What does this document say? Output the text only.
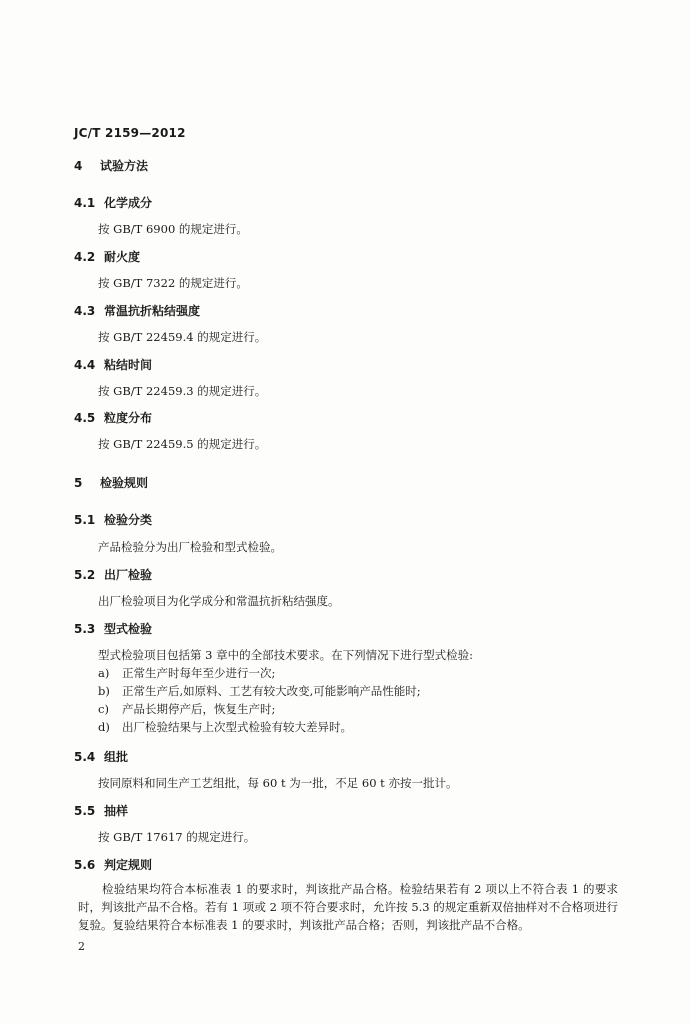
JC/T 2159—2012
4 试验方法
4.1 化学成分
按 GB/T 6900 的规定进行。
4.2 耐火度
按 GB/T 7322 的规定进行。
4.3 常温抗折粘结强度
按 GB/T 22459.4 的规定进行。
4.4 粘结时间
按 GB/T 22459.3 的规定进行。
4.5 粒度分布
按 GB/T 22459.5 的规定进行。
5 检验规则
5.1 检验分类
产品检验分为出厂检验和型式检验。
5.2 出厂检验
出厂检验项目为化学成分和常温抗折粘结强度。
5.3 型式检验
型式检验项目包括第 3 章中的全部技术要求。在下列情况下进行型式检验:
a) 正常生产时每年至少进行一次;
b) 正常生产后,如原料、工艺有较大改变,可能影响产品性能时;
c) 产品长期停产后，恢复生产时;
d) 出厂检验结果与上次型式检验有较大差异时。
5.4 组批
按同原料和同生产工艺组批，每 60 t 为一批，不足 60 t 亦按一批计。
5.5 抽样
按 GB/T 17617 的规定进行。
5.6 判定规则
检验结果均符合本标准表 1 的要求时，判该批产品合格。检验结果若有 2 项以上不符合表 1 的要求时，判该批产品不合格。若有 1 项或 2 项不符合要求时，允许按 5.3 的规定重新双倍抽样对不合格项进行复验。复验结果符合本标准表 1 的要求时，判该批产品合格；否则，判该批产品不合格。
2
